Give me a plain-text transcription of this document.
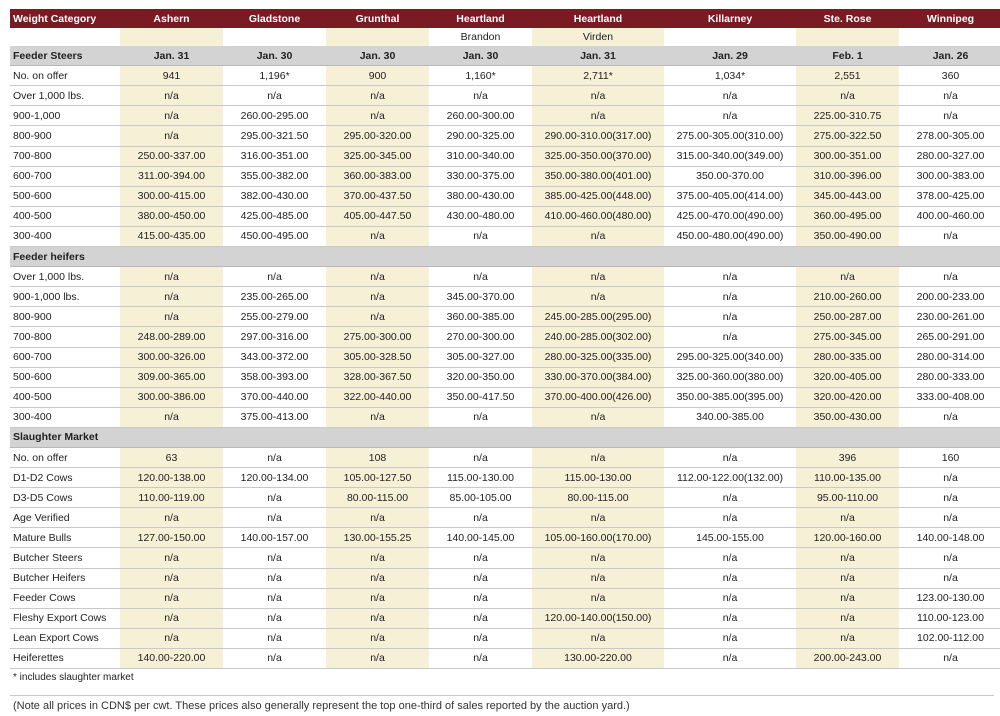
Weight Category	Ashern	Gladstone	Grunthal	Heartland	Heartland	Killarney	Ste. Rose	Winnipeg
				Brandon	Virden			
Feeder Steers	Jan. 31	Jan. 30	Jan. 30	Jan. 30	Jan. 31	Jan. 29	Feb. 1	Jan. 26
No. on offer	941	1,196*	900	1,160*	2,711*	1,034*	2,551	360
Over 1,000 lbs.	n/a	n/a	n/a	n/a	n/a	n/a	n/a	n/a
900-1,000	n/a	260.00-295.00	n/a	260.00-300.00	n/a	n/a	225.00-310.75	n/a
800-900	n/a	295.00-321.50	295.00-320.00	290.00-325.00	290.00-310.00(317.00)	275.00-305.00(310.00)	275.00-322.50	278.00-305.00
700-800	250.00-337.00	316.00-351.00	325.00-345.00	310.00-340.00	325.00-350.00(370.00)	315.00-340.00(349.00)	300.00-351.00	280.00-327.00
600-700	311.00-394.00	355.00-382.00	360.00-383.00	330.00-375.00	350.00-380.00(401.00)	350.00-370.00	310.00-396.00	300.00-383.00
500-600	300.00-415.00	382.00-430.00	370.00-437.50	380.00-430.00	385.00-425.00(448.00)	375.00-405.00(414.00)	345.00-443.00	378.00-425.00
400-500	380.00-450.00	425.00-485.00	405.00-447.50	430.00-480.00	410.00-460.00(480.00)	425.00-470.00(490.00)	360.00-495.00	400.00-460.00
300-400	415.00-435.00	450.00-495.00	n/a	n/a	n/a	450.00-480.00(490.00)	350.00-490.00	n/a
Feeder heifers								
Over 1,000 lbs.	n/a	n/a	n/a	n/a	n/a	n/a	n/a	n/a
900-1,000 lbs.	n/a	235.00-265.00	n/a	345.00-370.00	n/a	n/a	210.00-260.00	200.00-233.00
800-900	n/a	255.00-279.00	n/a	360.00-385.00	245.00-285.00(295.00)	n/a	250.00-287.00	230.00-261.00
700-800	248.00-289.00	297.00-316.00	275.00-300.00	270.00-300.00	240.00-285.00(302.00)	n/a	275.00-345.00	265.00-291.00
600-700	300.00-326.00	343.00-372.00	305.00-328.50	305.00-327.00	280.00-325.00(335.00)	295.00-325.00(340.00)	280.00-335.00	280.00-314.00
500-600	309.00-365.00	358.00-393.00	328.00-367.50	320.00-350.00	330.00-370.00(384.00)	325.00-360.00(380.00)	320.00-405.00	280.00-333.00
400-500	300.00-386.00	370.00-440.00	322.00-440.00	350.00-417.50	370.00-400.00(426.00)	350.00-385.00(395.00)	320.00-420.00	333.00-408.00
300-400	n/a	375.00-413.00	n/a	n/a	n/a	340.00-385.00	350.00-430.00	n/a
Slaughter Market								
No. on offer	63	n/a	108	n/a	n/a	n/a	396	160
D1-D2 Cows	120.00-138.00	120.00-134.00	105.00-127.50	115.00-130.00	115.00-130.00	112.00-122.00(132.00)	110.00-135.00	n/a
D3-D5 Cows	110.00-119.00	n/a	80.00-115.00	85.00-105.00	80.00-115.00	n/a	95.00-110.00	n/a
Age Verified	n/a	n/a	n/a	n/a	n/a	n/a	n/a	n/a
Mature Bulls	127.00-150.00	140.00-157.00	130.00-155.25	140.00-145.00	105.00-160.00(170.00)	145.00-155.00	120.00-160.00	140.00-148.00
Butcher Steers	n/a	n/a	n/a	n/a	n/a	n/a	n/a	n/a
Butcher Heifers	n/a	n/a	n/a	n/a	n/a	n/a	n/a	n/a
Feeder Cows	n/a	n/a	n/a	n/a	n/a	n/a	n/a	123.00-130.00
Fleshy Export Cows	n/a	n/a	n/a	n/a	120.00-140.00(150.00)	n/a	n/a	110.00-123.00
Lean Export Cows	n/a	n/a	n/a	n/a	n/a	n/a	n/a	102.00-112.00
Heiferettes	140.00-220.00	n/a	n/a	n/a	130.00-220.00	n/a	200.00-243.00	n/a
* includes slaughter market
(Note all prices in CDN$ per cwt. These prices also generally represent the top one-third of sales reported by the auction yard.)
